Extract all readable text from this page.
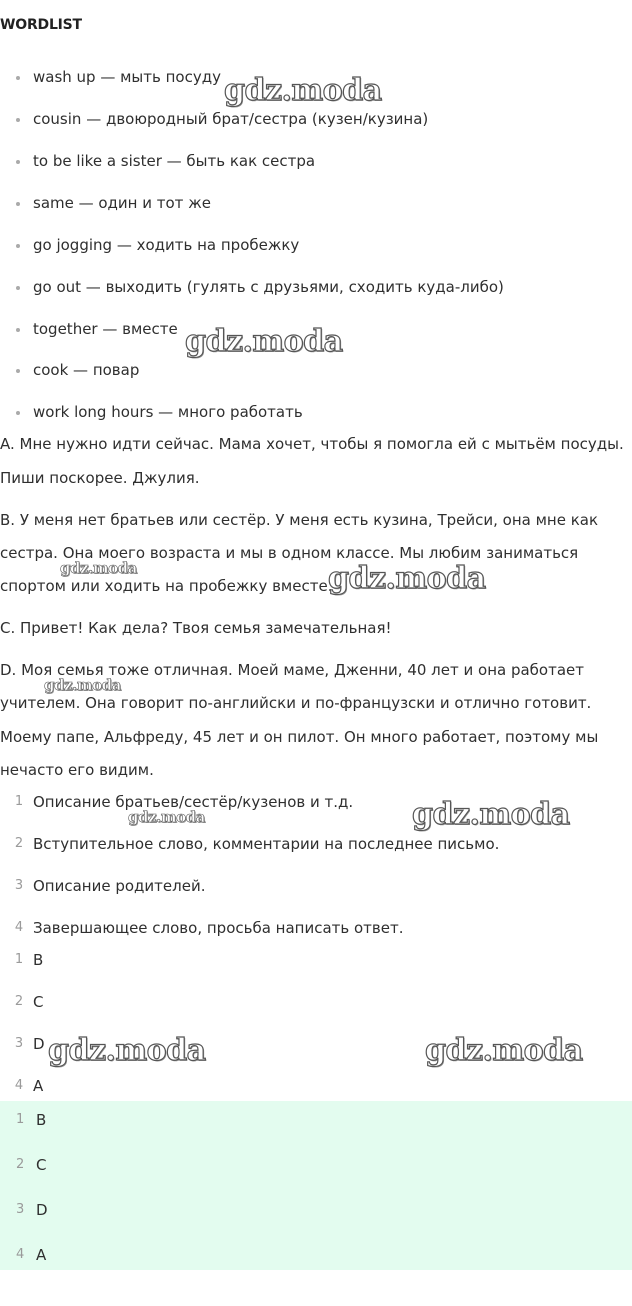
WORDLIST
wash up — мыть посуду
cousin — двоюродный брат/сестра (кузен/кузина)
to be like a sister — быть как сестра
same — один и тот же
go jogging — ходить на пробежку
go out — выходить (гулять с друзьями, сходить куда-либо)
together — вместе
cook — повар
work long hours — много работать
A. Мне нужно идти сейчас. Мама хочет, чтобы я помогла ей с мытьём посуды.
Пиши поскорее. Джулия.
B. У меня нет братьев или сестёр. У меня есть кузина, Трейси, она мне как
сестра. Она моего возраста и мы в одном классе. Мы любим заниматься
спортом или ходить на пробежку вместе.
C. Привет! Как дела? Твоя семья замечательная!
D. Моя семья тоже отличная. Моей маме, Дженни, 40 лет и она работает
учителем. Она говорит по-английски и по-французски и отлично готовит.
Моему папе, Альфреду, 45 лет и он пилот. Он много работает, поэтому мы
нечасто его видим.
1 Описание братьев/сестёр/кузенов и т.д.
2 Вступительное слово, комментарии на последнее письмо.
3 Описание родителей.
4 Завершающее слово, просьба написать ответ.
1 B
2 C
3 D
4 A
1 B
2 C
3 D
4 A
gdz.moda
gdz.moda
gdz.moda	gdz.moda
gdz.moda
gdz.moda
gdz.moda
gdz.moda	gdz.moda
